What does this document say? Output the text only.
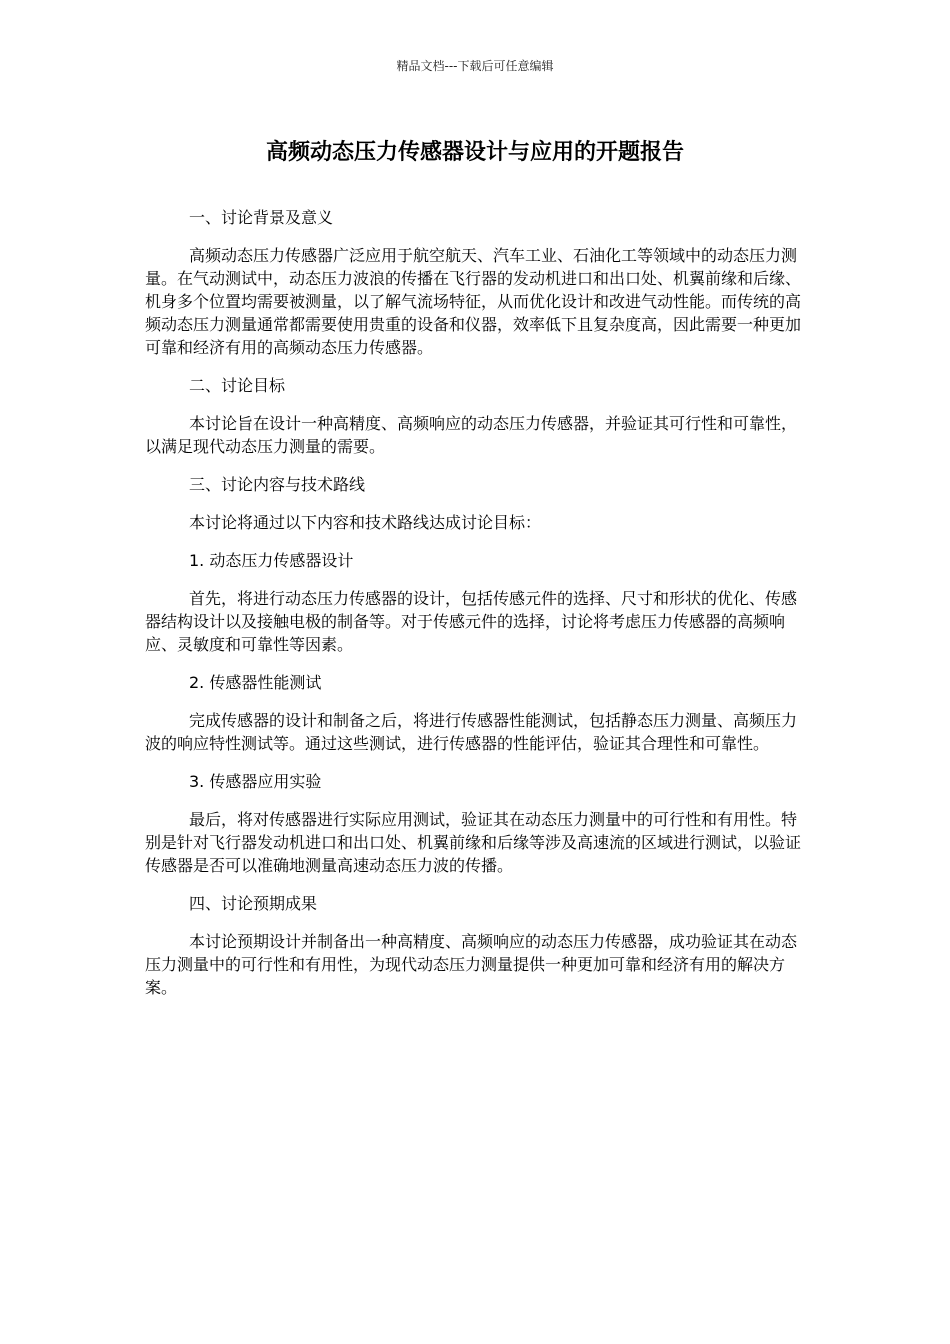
精品文档---下载后可任意编辑
高频动态压力传感器设计与应用的开题报告

一、讨论背景及意义

高频动态压力传感器广泛应用于航空航天、汽车工业、石油化工等领域中的动态压力测量。在气动测试中，动态压力波浪的传播在飞行器的发动机进口和出口处、机翼前缘和后缘、机身多个位置均需要被测量，以了解气流场特征，从而优化设计和改进气动性能。而传统的高频动态压力测量通常都需要使用贵重的设备和仪器，效率低下且复杂度高，因此需要一种更加可靠和经济有用的高频动态压力传感器。

二、讨论目标

本讨论旨在设计一种高精度、高频响应的动态压力传感器，并验证其可行性和可靠性，以满足现代动态压力测量的需要。

三、讨论内容与技术路线

本讨论将通过以下内容和技术路线达成讨论目标：

1. 动态压力传感器设计

首先，将进行动态压力传感器的设计，包括传感元件的选择、尺寸和形状的优化、传感器结构设计以及接触电极的制备等。对于传感元件的选择，讨论将考虑压力传感器的高频响应、灵敏度和可靠性等因素。

2. 传感器性能测试

完成传感器的设计和制备之后，将进行传感器性能测试，包括静态压力测量、高频压力波的响应特性测试等。通过这些测试，进行传感器的性能评估，验证其合理性和可靠性。

3. 传感器应用实验

最后，将对传感器进行实际应用测试，验证其在动态压力测量中的可行性和有用性。特别是针对飞行器发动机进口和出口处、机翼前缘和后缘等涉及高速流的区域进行测试，以验证传感器是否可以准确地测量高速动态压力波的传播。

四、讨论预期成果

本讨论预期设计并制备出一种高精度、高频响应的动态压力传感器，成功验证其在动态压力测量中的可行性和有用性，为现代动态压力测量提供一种更加可靠和经济有用的解决方案。
